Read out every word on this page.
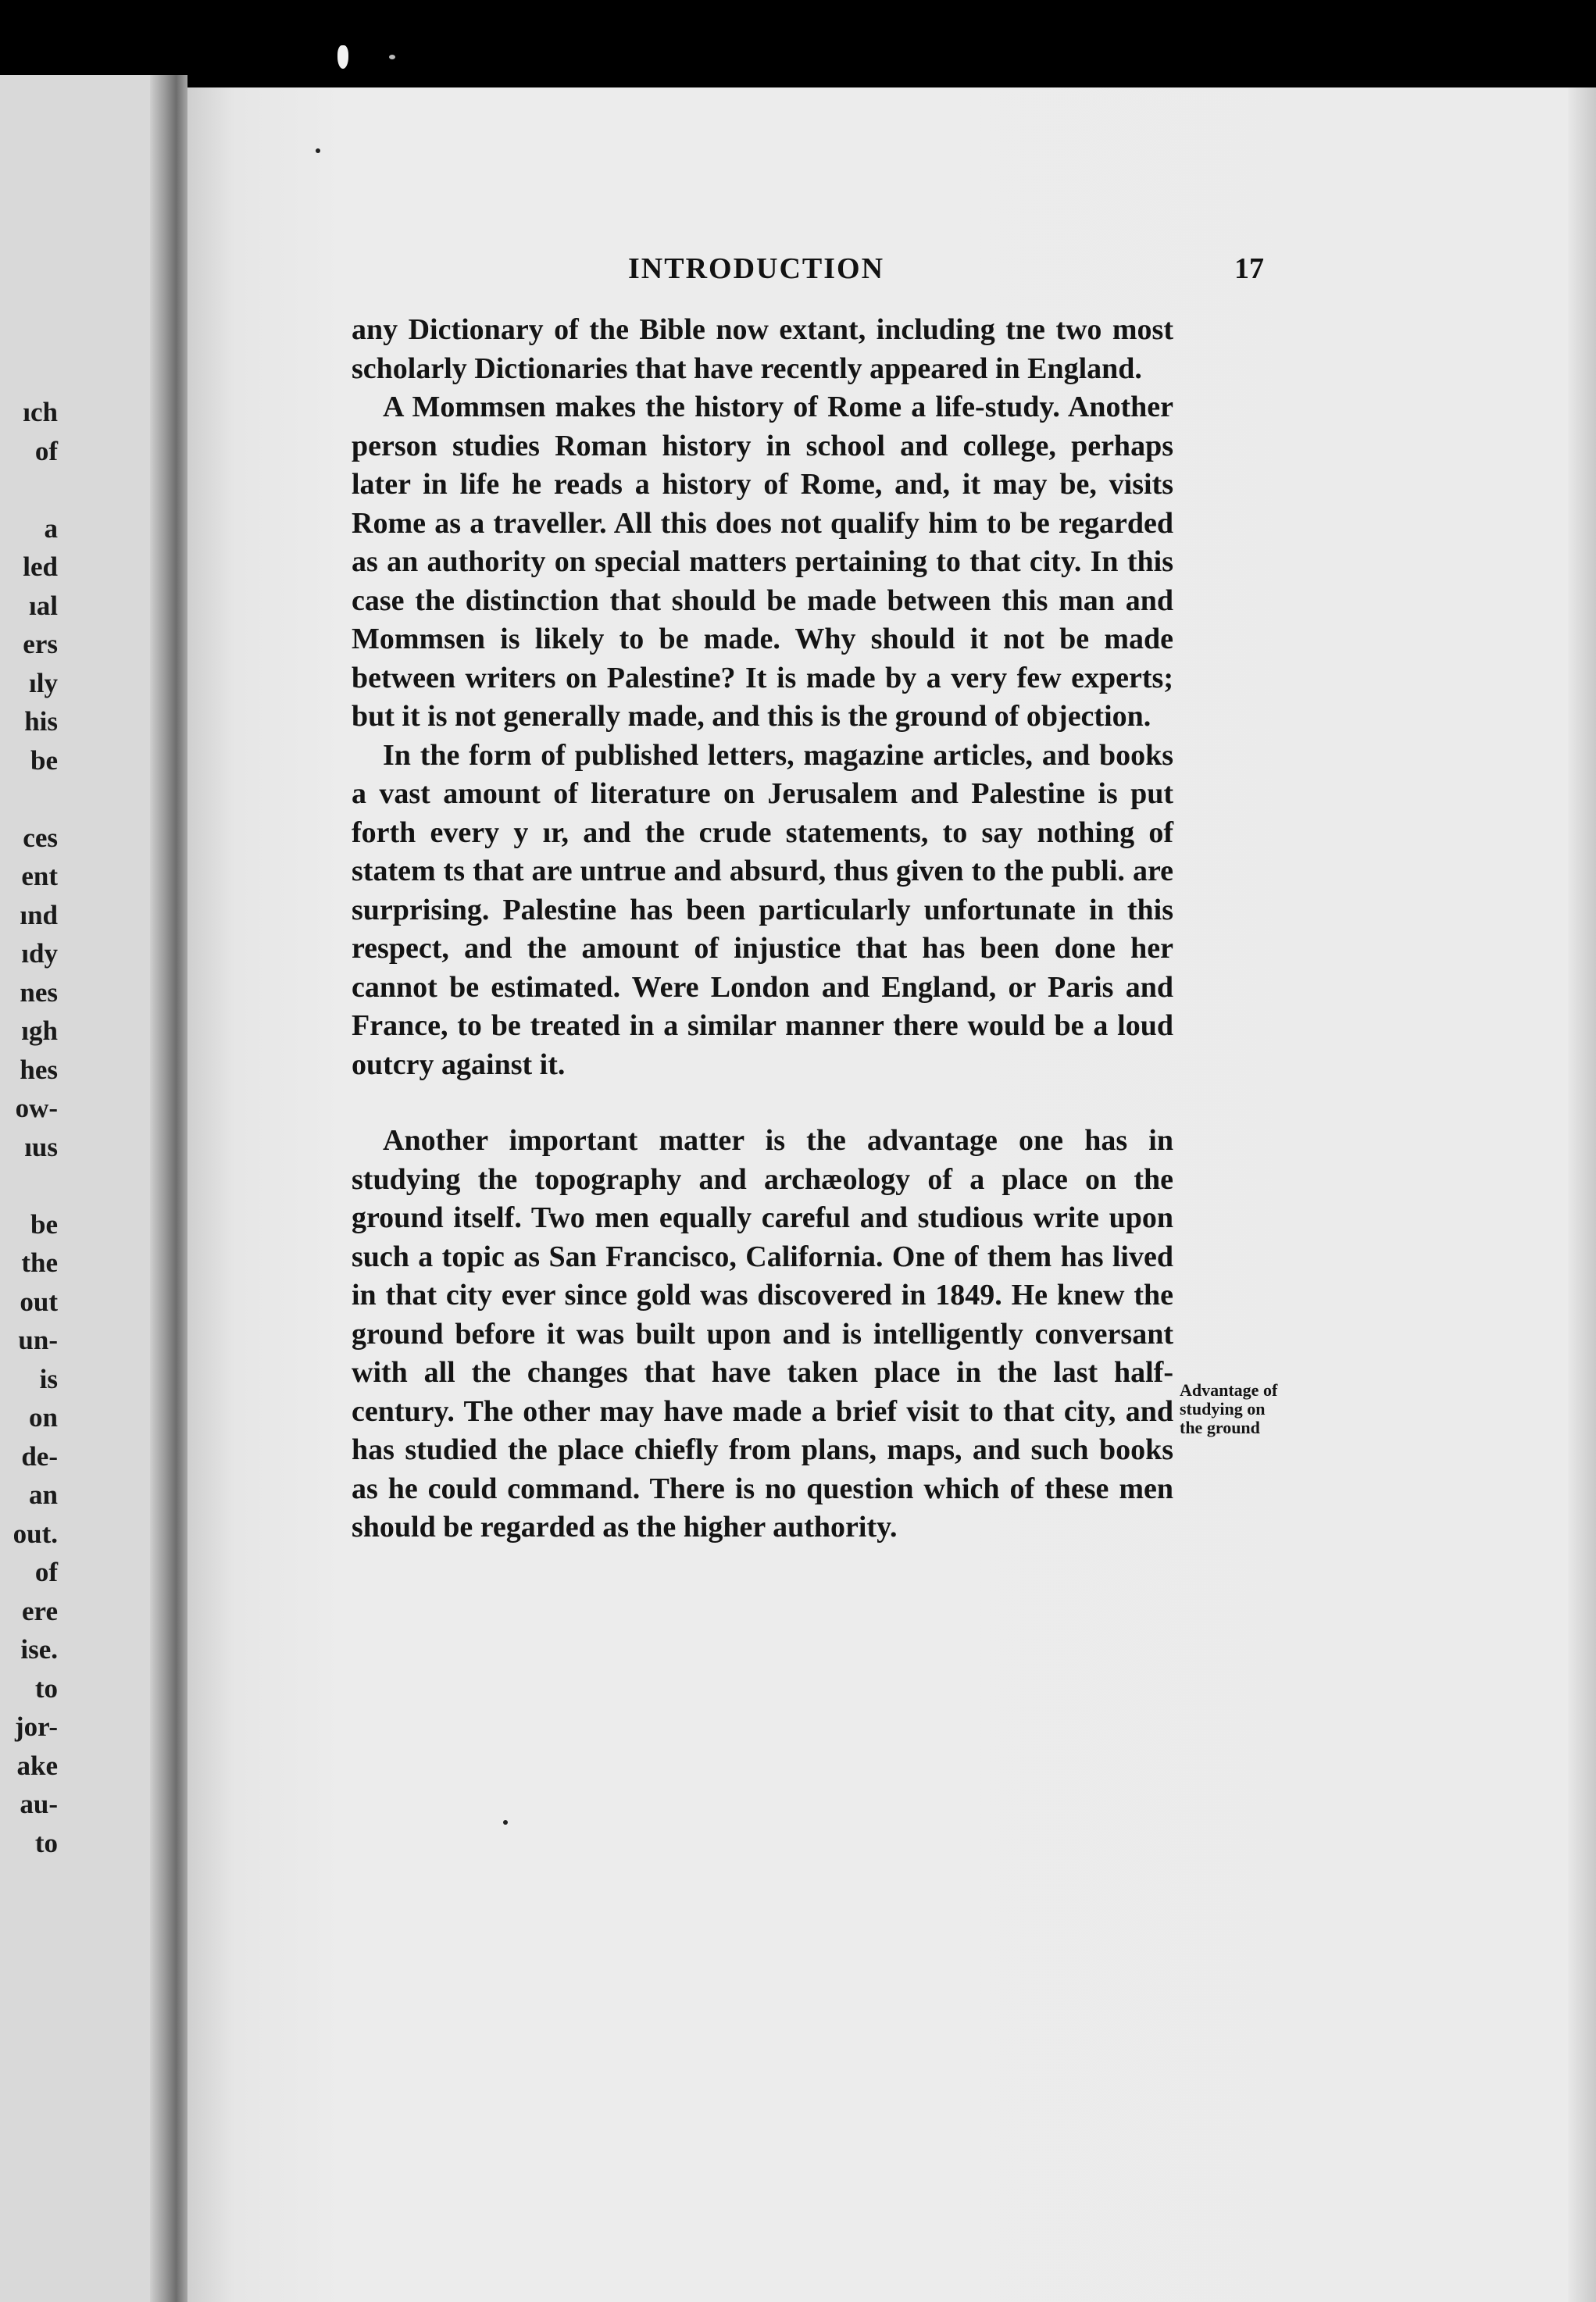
ıch
of
a
led
ıal
ers
ıly
his
be
ces
ent
ınd
ıdy
nes
ıgh
hes
ow-
ıus
be
the
out
un-
is
on
de-
an
out.
of
ere
ise.
to
jor-
ake
au-
to
INTRODUCTION	17

any Dictionary of the Bible now extant, including tne two most scholarly Dictionaries that have recently appeared in England.

A Mommsen makes the history of Rome a life-study. Another person studies Roman history in school and college, perhaps later in life he reads a history of Rome, and, it may be, visits Rome as a traveller. All this does not qualify him to be regarded as an authority on special matters pertaining to that city. In this case the distinction that should be made between this man and Mommsen is likely to be made. Why should it not be made between writers on Palestine? It is made by a very few experts; but it is not generally made, and this is the ground of objection.

In the form of published letters, magazine articles, and books a vast amount of literature on Jerusalem and Palestine is put forth every y ır, and the crude statements, to say nothing of statem ts that are untrue and absurd, thus given to the publi. are surprising. Palestine has been particularly unfortunate in this respect, and the amount of injustice that has been done her cannot be estimated. Were London and England, or Paris and France, to be treated in a similar manner there would be a loud outcry against it.

Another important matter is the advantage one has in studying the topography and archæology of a place on the ground itself. Two men equally careful and studious write upon such a topic as San Francisco, California. One of them has lived in that city ever since gold was discovered in 1849. He knew the ground before it was built upon and is intelligently conversant with all the changes that have taken place in the last half-century. The other may have made a brief visit to that city, and has studied the place chiefly from plans, maps, and such books as he could command. There is no question which of these men should be regarded as the higher authority.

Advantage of
studying on
the ground
